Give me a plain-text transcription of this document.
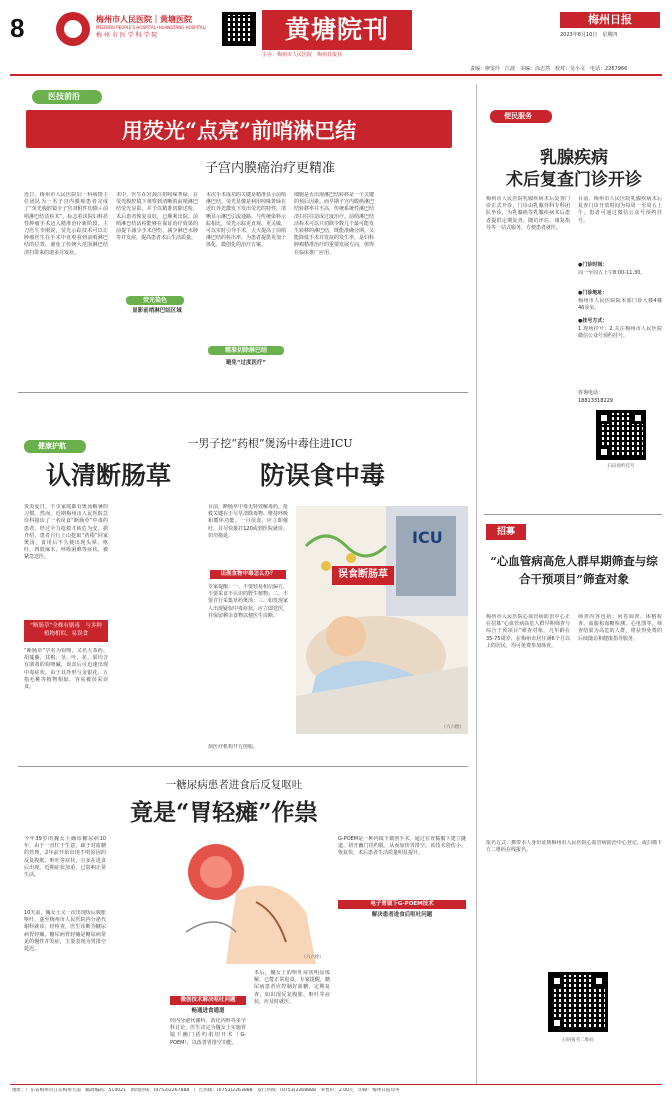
8	梅州市人民医院｜黄塘医院
MEIZHOU PEOPLE'S HOSPITAL (HUANGTANG HOSPITAL)
梅 州 市 医 学 科 学 院	黄塘院刊
主办：梅州市人民医院　梅州日报社
梅州日报
2023年8月10日　星期四
责编：廖雯玲　江波　美编：涂志然　校对：吴小文　电话：2267966
医技前沿
用荧光“点亮”前哨淋巴结
子宫内膜癌治疗更精准
近日，梅州市人民医院妇一科病情主任团队为一名子宫内膜癌患者完成了“荧光腹腔镜全子宫双附件切除＋前哨淋巴结活检术”，标志着该院妇科恶性肿瘤手术迈入精准治疗新阶段。主刀医生李刚说，荧光示踪技术可以让肿瘤医生在手术中直观看到前哨淋巴结的位置，避免了传统大范围淋巴结清扫带来的诸多并发症。
术中，医生在宫颈注射吲哚菁绿，在荧光腹腔镜下观察到清晰的前哨淋巴结荧光显影，并予以精准切除送检。术后患者恢复良好，已顺利出院。前哨淋巴结活检能够在保证治疗效果的前提下减少手术创伤，减少淋巴水肿等并发症，提高患者术后生活质量。
荧光染色
显影前哨淋巴结区域
本次手术成功的关键是精准显示前哨淋巴结。荧光显像是利用吲哚菁绿在近红外光激发下发出荧光的特性，清晰显示淋巴引流通路。与传统染料示踪相比，荧光示踪更直观、更灵敏，可以实时引导手术，大大提高了前哨淋巴结的检出率，为患者提供更加个体化、微创化的治疗方案。
精准切除淋巴结
避免“过度医疗”
细胞是否出现淋巴结转移是一个关键的预后因素。而早期子宫内膜癌淋巴结转移率并不高，传统系统性淋巴结清扫往往造成过度治疗。前哨淋巴结活检术可以只切除少数几个最可能发生转移的淋巴结，既能准确分期，又能降低手术并发症的发生率，是妇科肿瘤精准治疗的重要发展方向，值得在临床推广应用。
健康护航	一男子挖“药根”煲汤中毒住进ICU
认清断肠草	防误食中毒
炎炎夏日，不少家庭都有煲汤解暑的习惯。然而，近期梅州市人民医院急诊科接诊了一名误食“断肠草”中毒的患者，经过全力抢救才转危为安。据介绍，患者自行上山挖取“药根”回家煲汤，食用后不久便出现头晕、呕吐、四肢麻木、呼吸困难等症状，被紧急送医。
“断肠草”全株有剧毒　与多种植物相似，易误食
“断肠草”学名为钩吻，又名大茶药、胡蔓藤，其根、茎、叶、花、果均含有剧毒的钩吻碱，误食后可迅速出现中毒症状。由于其外形与金银花、五指毛桃等植物相似，容易被误采误食。
目前，断肠草中毒无特效解毒药，抢救关键在于尽早清除毒物、维持呼吸和循环功能。一旦误食，应立即催吐，并尽快拨打120或到医院就诊，切勿拖延。
出现食物中毒怎么办？
专家提醒：一、不要轻易相信偏方，不要采食不认识的野生植物；二、不要自行采集草药煲汤；三、如发现家人出现疑似中毒症状，应立即送医，并保留剩余食物以便医生诊断。
ICU
误食断肠草
（六六绘）
烦医疗机构开方煎服。
一糖尿病患者进食后反复呕吐
竟是“胃轻瘫”作祟
（六六绘）
今年39岁的魏女士确诊糖尿病10年，由于一直忙于生意，疏于对血糖的管理，2年前开始出现不明原因的反复腹胀、呕吐等症状，且多在进食后出现。近期症状加重，已影响正常生活。
10天前，魏女士又一次出现饭后腹胀呕吐，遂至梅州市人民医院内分泌代谢科就诊。经检查，医生诊断为糖尿病胃轻瘫。糖尿病胃轻瘫是糖尿病常见的慢性并发症，主要表现为胃排空延迟。
微创技术解决呕吐问题
畅通进食通道
经内分泌代谢科、消化内科等多学科讨论，医生决定为魏女士实施胃镜下幽门括约肌切开术（G-POEM），以改善胃排空功能。
术后，魏女士的呕吐症状明显缓解，已能正常进食。专家提醒，糖尿病患者应控制好血糖，定期复查，如出现反复腹胀、呕吐等症状，应及时就医。
G-POEM是一种内镜下微创手术，通过在胃黏膜下建立隧道，切开幽门括约肌，从而加快胃排空。该技术创伤小、恢复快，术后患者生活质量明显提升。
电子胃镜下G-POEM技术
解决患者进食后呕吐问题
便民服务
乳腺疾病
术后复查门诊开诊
梅州市人民医院乳腺疾病术后复查门诊正式开诊。门诊由乳腺外科专科团队坐诊，为乳腺癌等乳腺疾病术后患者提供定期复查、随访评估、康复指导等一站式服务，方便患者就医。
目前，梅州市人民医院乳腺疾病术后复查门诊开放时间为每周一至周五上午，患者可通过微信公众号预约挂号。
●门诊时间：
周一至周五上午8:00-11:30。
●门诊地址：
梅州市人民医院院本部门诊大楼4楼46诊室。
●挂号方式：
1.现场挂号；2.关注梅州市人民医院微信公众号预约挂号。
咨询电话：
18813318229
扫码预约挂号
招募
“心血管病高危人群早期筛查与综合干预项目”筛查对象
梅州市人民医院心血管病防治中心正在招募“心血管病高危人群早期筛查与综合干预项目”筛查对象。凡年龄在35-75周岁、在梅州市居住满6个月以上的居民，均可免费参加筛查。
筛查内容包括：问卷调查、体格检查、血脂和血糖检测、心电图等。筛查结果为高危的人群，将获得免费的后续随访和健康指导服务。
报名方式：携带本人身份证到梅州市人民医院心血管病防治中心登记，或扫描下方二维码在线报名。
扫码报名二维码
地址：广东省梅州市江东梅州大道　邮政编码：514021　新闻热线：(0753)2267888　广告热线：(0753)2263888　发行热线：(0753)2268888　零售价：2.00元　印刷：梅州日报印务
